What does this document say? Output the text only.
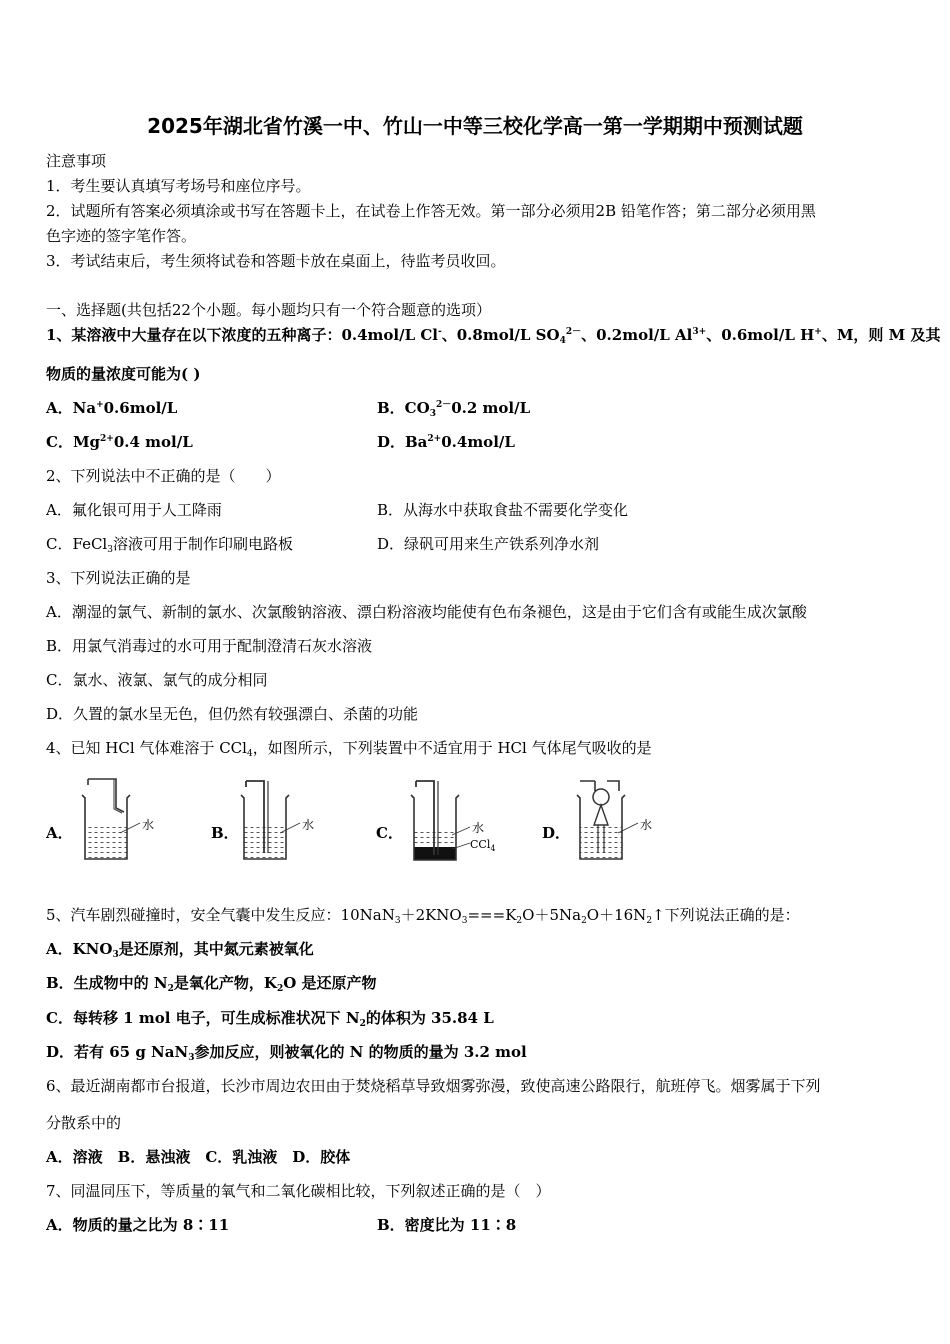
2025年湖北省竹溪一中、竹山一中等三校化学高一第一学期期中预测试题
注意事项
1．考生要认真填写考场号和座位序号。
2．试题所有答案必须填涂或书写在答题卡上，在试卷上作答无效。第一部分必须用2B 铅笔作答；第二部分必须用黑
色字迹的签字笔作答。
3．考试结束后，考生须将试卷和答题卡放在桌面上，待监考员收回。
一、选择题(共包括22个小题。每小题均只有一个符合题意的选项）
1、某溶液中大量存在以下浓度的五种离子：0.4mol/L Cl-、0.8mol/L $SO_4^{2-}$、0.2mol/L $Al^{3+}$、0.6mol/L H+、M，则 M 及其
物质的量浓度可能为( )
A．Na+0.6mol/L	B．$CO_3^{2-}0.2$ mol/L
C．$Mg^{2+}0.4$ mol/L	D．$Ba^{2+}0.4mol/L$
2、下列说法中不正确的是（　　）
A．氟化银可用于人工降雨	B．从海水中获取食盐不需要化学变化
C．FeCl$_3$溶液可用于制作印刷电路板	D．绿矾可用来生产铁系列净水剂
3、下列说法正确的是
A．潮湿的氯气、新制的氯水、次氯酸钠溶液、漂白粉溶液均能使有色布条褪色，这是由于它们含有或能生成次氯酸
B．用氯气消毒过的水可用于配制澄清石灰水溶液
C．氯水、液氯、氯气的成分相同
D．久置的氯水呈无色，但仍然有较强漂白、杀菌的功能
4、已知 HCl 气体难溶于 CCl$_4$，如图所示，下列装置中不适宜用于 HCl 气体尾气吸收的是
A．	水	B．	水	C．	水
CCl$_4$
D．	水
5、汽车剧烈碰撞时，安全气囊中发生反应：$10NaN_3+2KNO_3===K_2O+5Na_2O+16N_2↑$下列说法正确的是：
A．$KNO_3$是还原剂，其中氮元素被氧化
B．生成物中的 $N_2$是氧化产物，$K_2O$ 是还原产物
C．每转移 1 mol 电子，可生成标准状况下 $N_2$的体积为 35.84 L
D．若有 65 g NaN$_3$参加反应，则被氧化的 N 的物质的量为 3.2 mol
6、最近湖南都市台报道，长沙市周边农田由于焚烧稻草导致烟雾弥漫，致使高速公路限行，航班停飞。烟雾属于下列
分散系中的
A．溶液　B．悬浊液　C．乳浊液　D．胶体
7、同温同压下，等质量的氧气和二氧化碳相比较，下列叙述正确的是（　）
A．物质的量之比为 8∶11	B．密度比为 11∶8
